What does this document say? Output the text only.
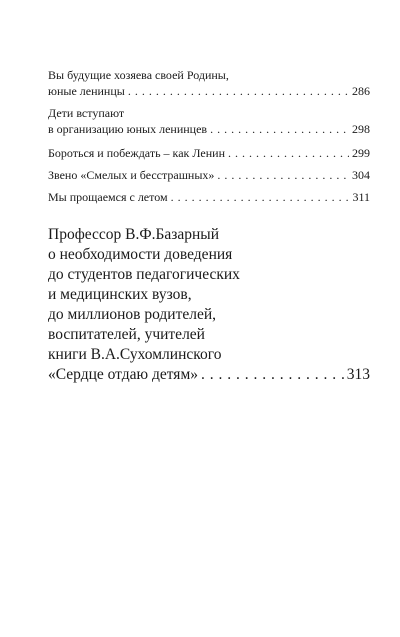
Вы будущие хозяева своей Родины,
юные ленинцы . . .	286
Дети вступают
в организацию юных ленинцев . . .	298
Бороться и побеждать – как Ленин . . .	299
Звено «Смелых и бесстрашных» . . .	304
Мы прощаемся с летом . . .	311
Профессор В.Ф.Базарный
о необходимости доведения
до студентов педагогических
и медицинских вузов,
до миллионов родителей,
воспитателей, учителей
книги В.А.Сухомлинского
«Сердце отдаю детям» . . .	313
